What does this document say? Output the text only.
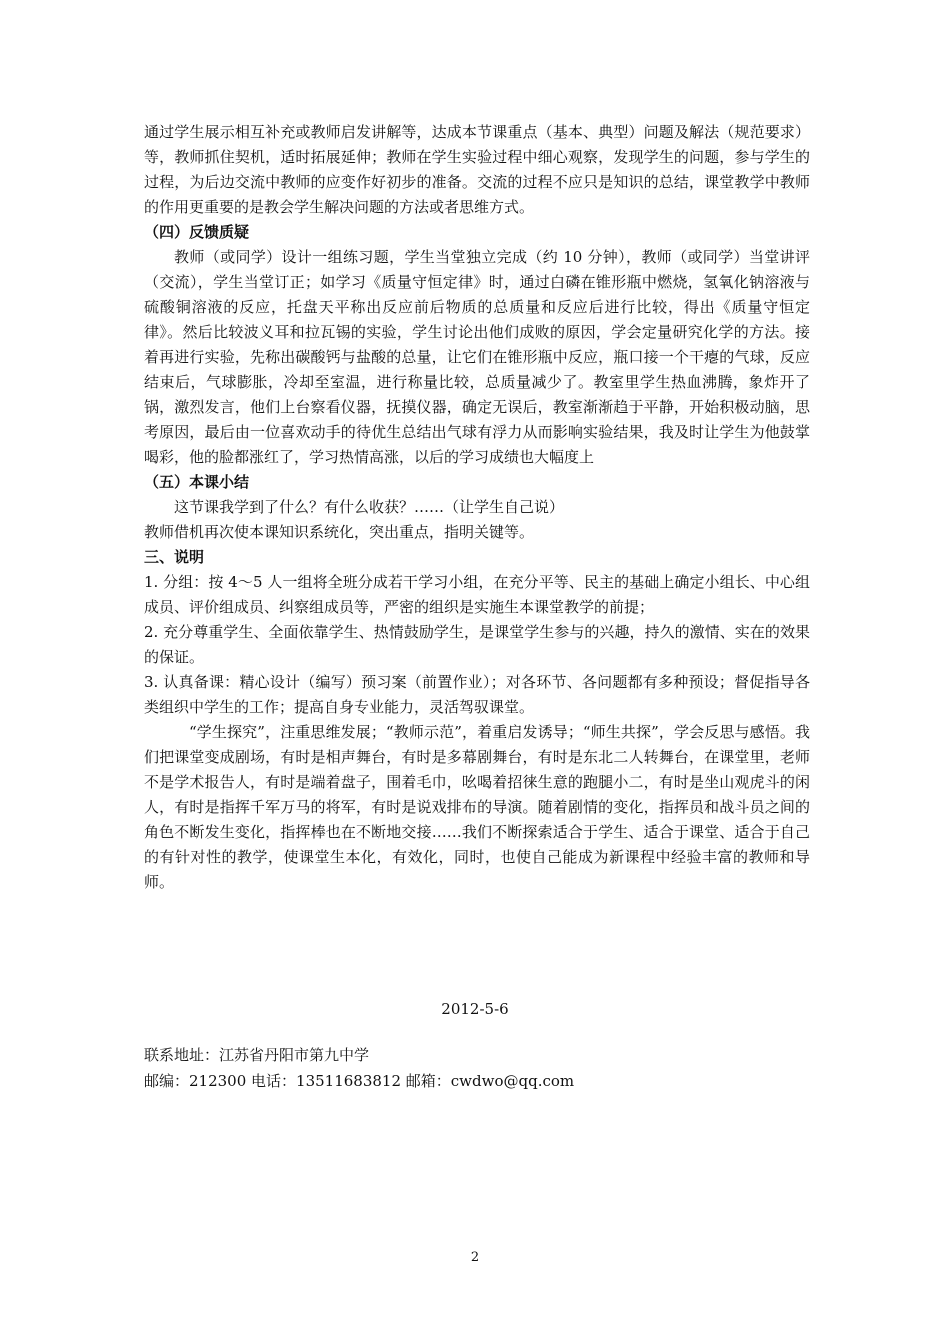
通过学生展示相互补充或教师启发讲解等，达成本节课重点（基本、典型）问题及解法（规范要求）等，教师抓住契机，适时拓展延伸；教师在学生实验过程中细心观察，发现学生的问题，参与学生的过程，为后边交流中教师的应变作好初步的准备。交流的过程不应只是知识的总结，课堂教学中教师的作用更重要的是教会学生解决问题的方法或者思维方式。

（四）反馈质疑

教师（或同学）设计一组练习题，学生当堂独立完成（约 10 分钟），教师（或同学）当堂讲评（交流），学生当堂订正；如学习《质量守恒定律》时，通过白磷在锥形瓶中燃烧，氢氧化钠溶液与硫酸铜溶液的反应，托盘天平称出反应前后物质的总质量和反应后进行比较，得出《质量守恒定律》。然后比较波义耳和拉瓦锡的实验，学生讨论出他们成败的原因，学会定量研究化学的方法。接着再进行实验，先称出碳酸钙与盐酸的总量，让它们在锥形瓶中反应，瓶口接一个干瘪的气球，反应结束后，气球膨胀，冷却至室温，进行称量比较，总质量减少了。教室里学生热血沸腾，象炸开了锅，激烈发言，他们上台察看仪器，抚摸仪器，确定无误后，教室渐渐趋于平静，开始积极动脑，思考原因，最后由一位喜欢动手的待优生总结出气球有浮力从而影响实验结果，我及时让学生为他鼓掌喝彩，他的脸都涨红了，学习热情高涨，以后的学习成绩也大幅度上

（五）本课小结

这节课我学到了什么？有什么收获？……（让学生自己说）

教师借机再次使本课知识系统化，突出重点，指明关键等。

三、说明

1. 分组：按 4～5 人一组将全班分成若干学习小组，在充分平等、民主的基础上确定小组长、中心组成员、评价组成员、纠察组成员等，严密的组织是实施生本课堂教学的前提；

2. 充分尊重学生、全面依靠学生、热情鼓励学生，是课堂学生参与的兴趣，持久的激情、实在的效果的保证。

3. 认真备课：精心设计（编写）预习案（前置作业）；对各环节、各问题都有多种预设；督促指导各类组织中学生的工作；提高自身专业能力，灵活驾驭课堂。

“学生探究”，注重思维发展；“教师示范”，着重启发诱导；“师生共探”，学会反思与感悟。我们把课堂变成剧场，有时是相声舞台，有时是多幕剧舞台，有时是东北二人转舞台，在课堂里，老师不是学术报告人，有时是端着盘子，围着毛巾，吆喝着招徕生意的跑腿小二，有时是坐山观虎斗的闲人，有时是指挥千军万马的将军，有时是说戏排布的导演。随着剧情的变化，指挥员和战斗员之间的角色不断发生变化，指挥棒也在不断地交接……我们不断探索适合于学生、适合于课堂、适合于自己的有针对性的教学，使课堂生本化，有效化，同时，也使自己能成为新课程中经验丰富的教师和导师。

2012-5-6
联系地址：江苏省丹阳市第九中学
邮编：212300 电话：13511683812 邮箱：cwdwo@qq.com
2
